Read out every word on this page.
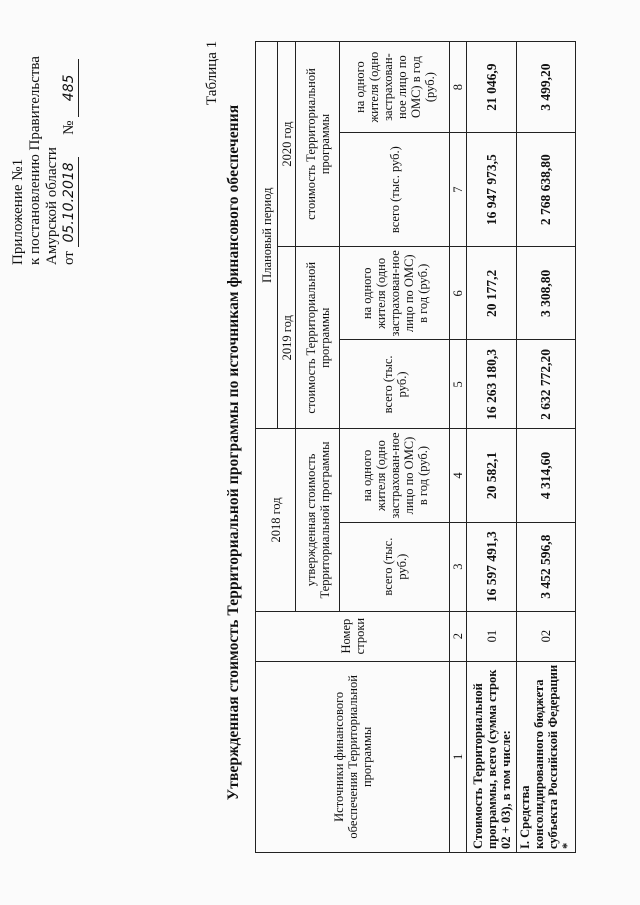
Приложение №1 к постановлению Правительства Амурской области от 05.10.2018      № 485	Таблица 1
Утвержденная стоимость Территориальной программы по источникам финансового обеспечения	Источники финансового обеспечения Территориальной программы	Номер строки	2018 год		Плановый период			
				2019 год		2020 год	
		утвержденная стоимость Территориальной программы		стоимость Территориальной программы		стоимость Территориальной программы	
		всего (тыс. руб.)	на одного жителя (одно застрахован-ное лицо по ОМС) в год (руб.)	всего (тыс. руб.)	на одного жителя (одно застрахован-ное лицо по ОМС) в год (руб.)	всего (тыс. руб.)	на одного жителя (одно застрахован-ное лицо по ОМС) в год (руб.)
1	2	3	4	5	6	7	8
Стоимость Территориальной программы, всего (сумма строк 02 + 03), в том числе:	01	16 597 491,3	20 582,1	16 263 180,3	20 177,2	16 947 973,5	21 046,9
I. Средства консолидированного бюджета субъекта Российской Федерации *	02	3 452 596,8	4 314,60	2 632 772,20	3 308,80	2 768 638,80	3 499,20
